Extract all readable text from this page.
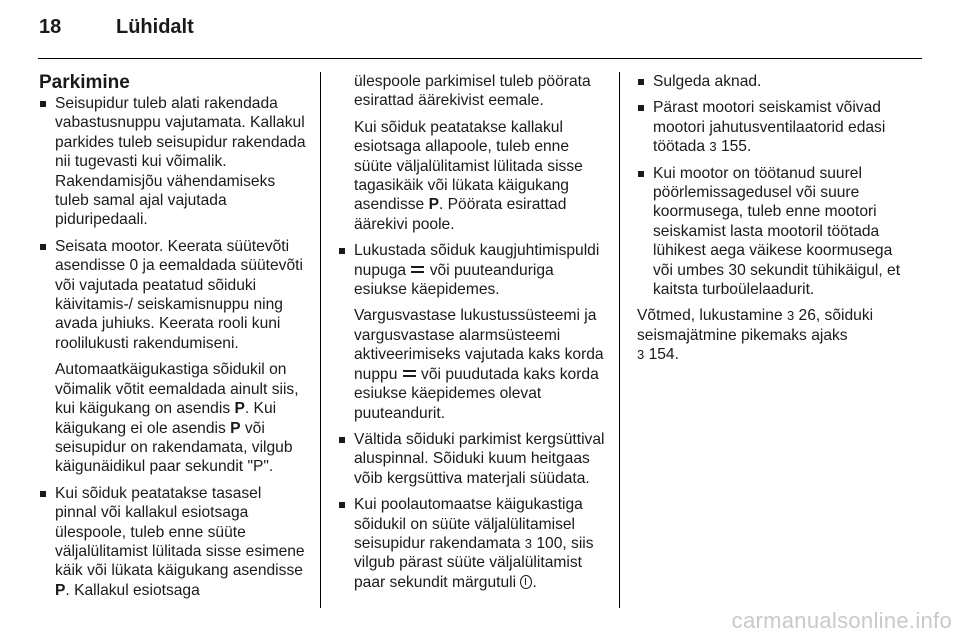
18	Lühidalt
Parkimine
Seisupidur tuleb alati rakendada vabastusnuppu vajutamata. Kallakul parkides tuleb seisupidur rakendada nii tugevasti kui võimalik. Rakendamisjõu vähendamiseks tuleb samal ajal vajutada piduripedaali.
Seisata mootor. Keerata süütevõti asendisse 0 ja eemaldada süütevõti või vajutada peatatud sõiduki käivitamis-/ seiskamisnuppu ning avada juhiuks. Keerata rooli kuni roolilukusti rakendumiseni.

Automaatkäigukastiga sõidukil on võimalik võtit eemaldada ainult siis, kui käigukang on asendis P. Kui käigukang ei ole asendis P või seisupidur on rakendamata, vilgub käigunäidikul paar sekundit "P".

Kui sõiduk peatatakse tasasel pinnal või kallakul esiotsaga ülespoole, tuleb enne süüte väljalülitamist lülitada sisse esimene käik või lükata käigukang asendisse P. Kallakul esiotsaga

ülespoole parkimisel tuleb pöörata esirattad äärekivist eemale.

Kui sõiduk peatatakse kallakul esiotsaga allapoole, tuleb enne süüte väljalülitamist lülitada sisse tagasikäik või lükata käigukang asendisse P. Pöörata esirattad äärekivi poole.

Lukustada sõiduk kaugjuhtimispuldi nupuga  või puuteanduriga esiukse käepidemes.

Vargusvastase lukustussüsteemi ja vargusvastase alarmsüsteemi aktiveerimiseks vajutada kaks korda nuppu  või puudutada kaks korda esiukse käepidemes olevat puuteandurit.

Vältida sõiduki parkimist kergsüttival aluspinnal. Sõiduki kuum heitgaas võib kergsüttiva materjali süüdata.
Kui poolautomaatse käigukastiga sõidukil on süüte väljalülitamisel seisupidur rakendamata 3 100, siis vilgub pärast süüte väljalülitamist paar sekundit märgutuli .
Sulgeda aknad.
Pärast mootori seiskamist võivad mootori jahutusventilaatorid edasi töötada 3 155.
Kui mootor on töötanud suurel pöörlemissagedusel või suure koormusega, tuleb enne mootori seiskamist lasta mootoril töötada lühikest aega väikese koormusega või umbes 30 sekundit tühikäigul, et kaitsta turboülelaadurit.

Võtmed, lukustamine 3 26, sõiduki seismajätmine pikemaks ajaks
3 154.

carmanualsonline.info
